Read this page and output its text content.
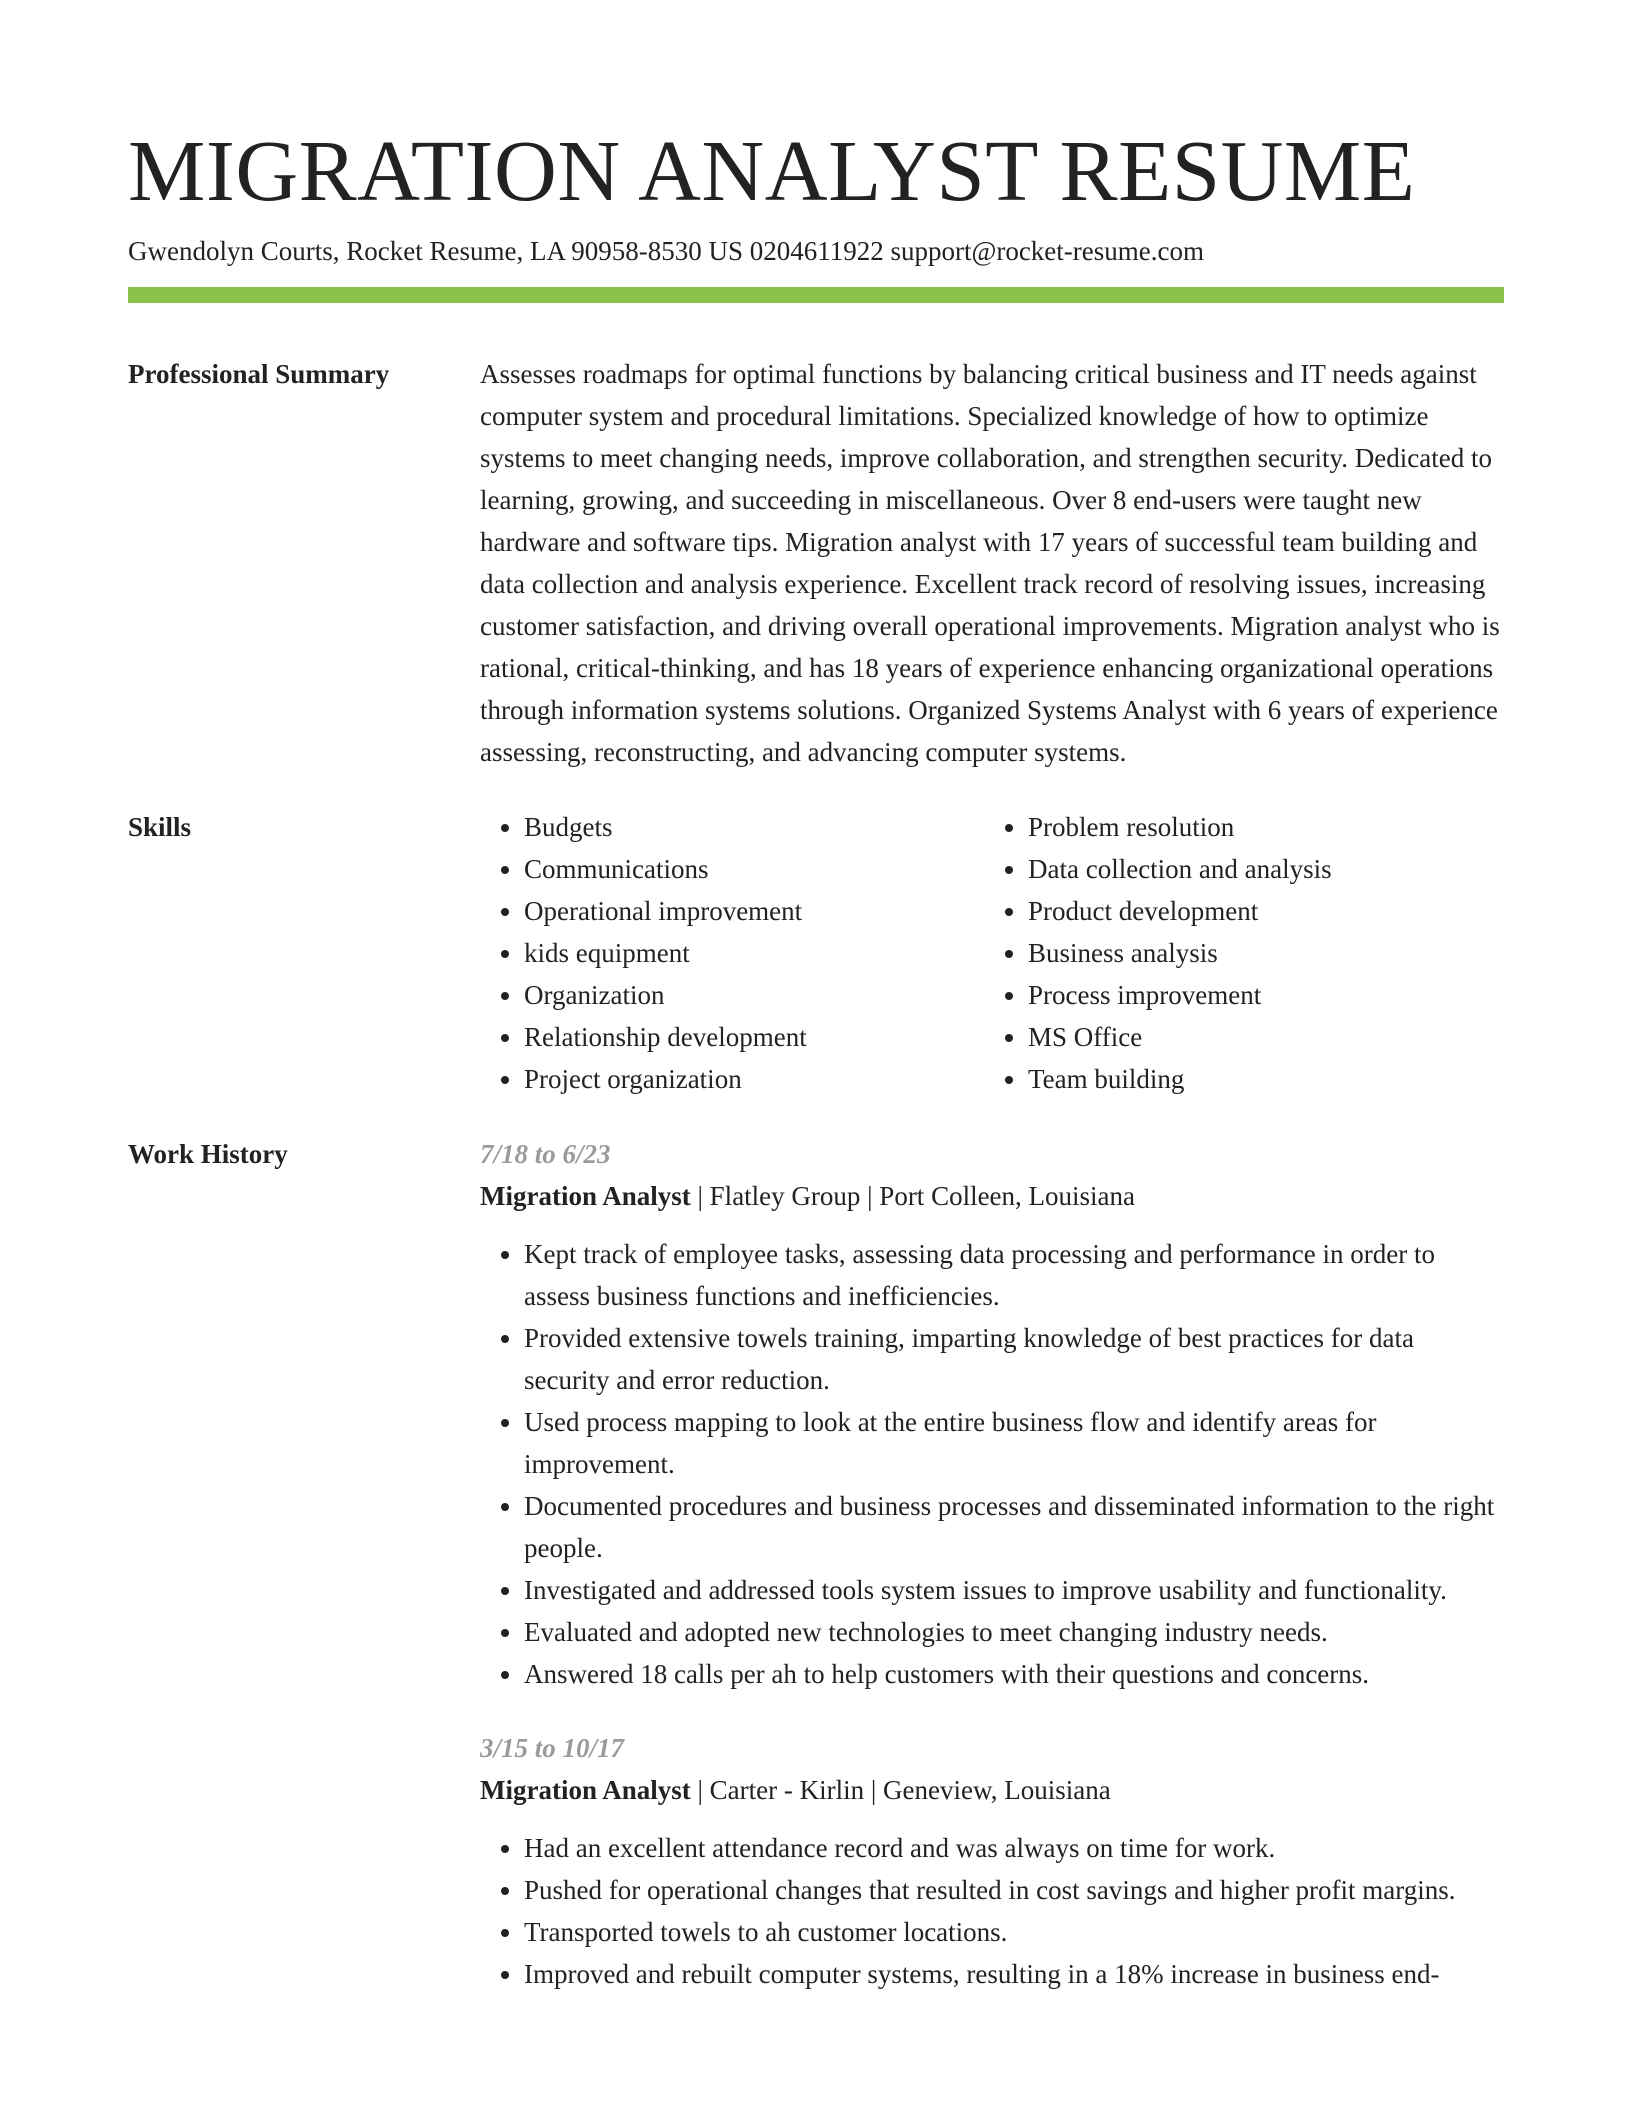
MIGRATION ANALYST RESUME
Gwendolyn Courts, Rocket Resume, LA 90958-8530 US 0204611922 support@rocket-resume.com
Professional Summary	Assesses roadmaps for optimal functions by balancing critical business and IT needs against computer system and procedural limitations. Specialized knowledge of how to optimize systems to meet changing needs, improve collaboration, and strengthen security. Dedicated to learning, growing, and succeeding in miscellaneous. Over 8 end-users were taught new hardware and software tips. Migration analyst with 17 years of successful team building and data collection and analysis experience. Excellent track record of resolving issues, increasing customer satisfaction, and driving overall operational improvements. Migration analyst who is rational, critical-thinking, and has 18 years of experience enhancing organizational operations through information systems solutions. Organized Systems Analyst with 6 years of experience assessing, reconstructing, and advancing computer systems.

Skills
•	Budgets
• Communications
• Operational improvement
• kids equipment
• Organization
• Relationship development
• Project organization
• Problem resolution
• Data collection and analysis
• Product development
• Business analysis
• Process improvement
• MS Office
• Team building
Work History	7/18 to 6/23
Migration Analyst | Flatley Group | Port Colleen, Louisiana
• Kept track of employee tasks, assessing data processing and performance in order to assess business functions and inefficiencies.
• Provided extensive towels training, imparting knowledge of best practices for data security and error reduction.
• Used process mapping to look at the entire business flow and identify areas for improvement.
• Documented procedures and business processes and disseminated information to the right people.
• Investigated and addressed tools system issues to improve usability and functionality.
• Evaluated and adopted new technologies to meet changing industry needs.
• Answered 18 calls per ah to help customers with their questions and concerns.
3/15 to 10/17
Migration Analyst | Carter - Kirlin | Geneview, Louisiana
• Had an excellent attendance record and was always on time for work.
• Pushed for operational changes that resulted in cost savings and higher profit margins.
• Transported towels to ah customer locations.
• Improved and rebuilt computer systems, resulting in a 18% increase in business end-
